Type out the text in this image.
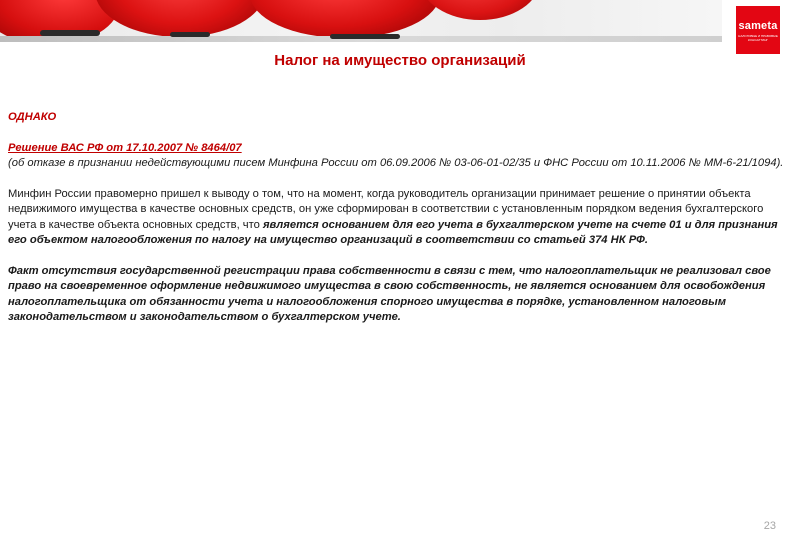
sameta
НАЛОГОВЫЕ И ПРАВОВЫЕ КОНСАЛТИНГ
Налог на имущество организаций

ОДНАКО

Решение ВАС РФ от 17.10.2007 № 8464/07

(об отказе в признании недействующими писем Минфина России от 06.09.2006 № 03-06-01-02/35 и ФНС России от 10.11.2006 № ММ-6-21/1094).

Минфин России правомерно пришел к выводу о том, что на момент, когда руководитель организации принимает решение о принятии объекта недвижимого имущества в качестве основных средств, он уже сформирован в соответствии с установленным порядком ведения бухгалтерского учета в качестве объекта основных средств, что является основанием для его учета в бухгалтерском учете на счете 01 и для признания его объектом налогообложения по налогу на имущество организаций в соответствии со статьей 374 НК РФ.

Факт отсутствия государственной регистрации права собственности в связи с тем, что налогоплательщик не реализовал свое право на своевременное оформление недвижимого имущества в свою собственность, не является основанием для освобождения налогоплательщика от обязанности учета и налогообложения спорного имущества в порядке, установленном налоговым законодательством и законодательством о бухгалтерском учете.

23
